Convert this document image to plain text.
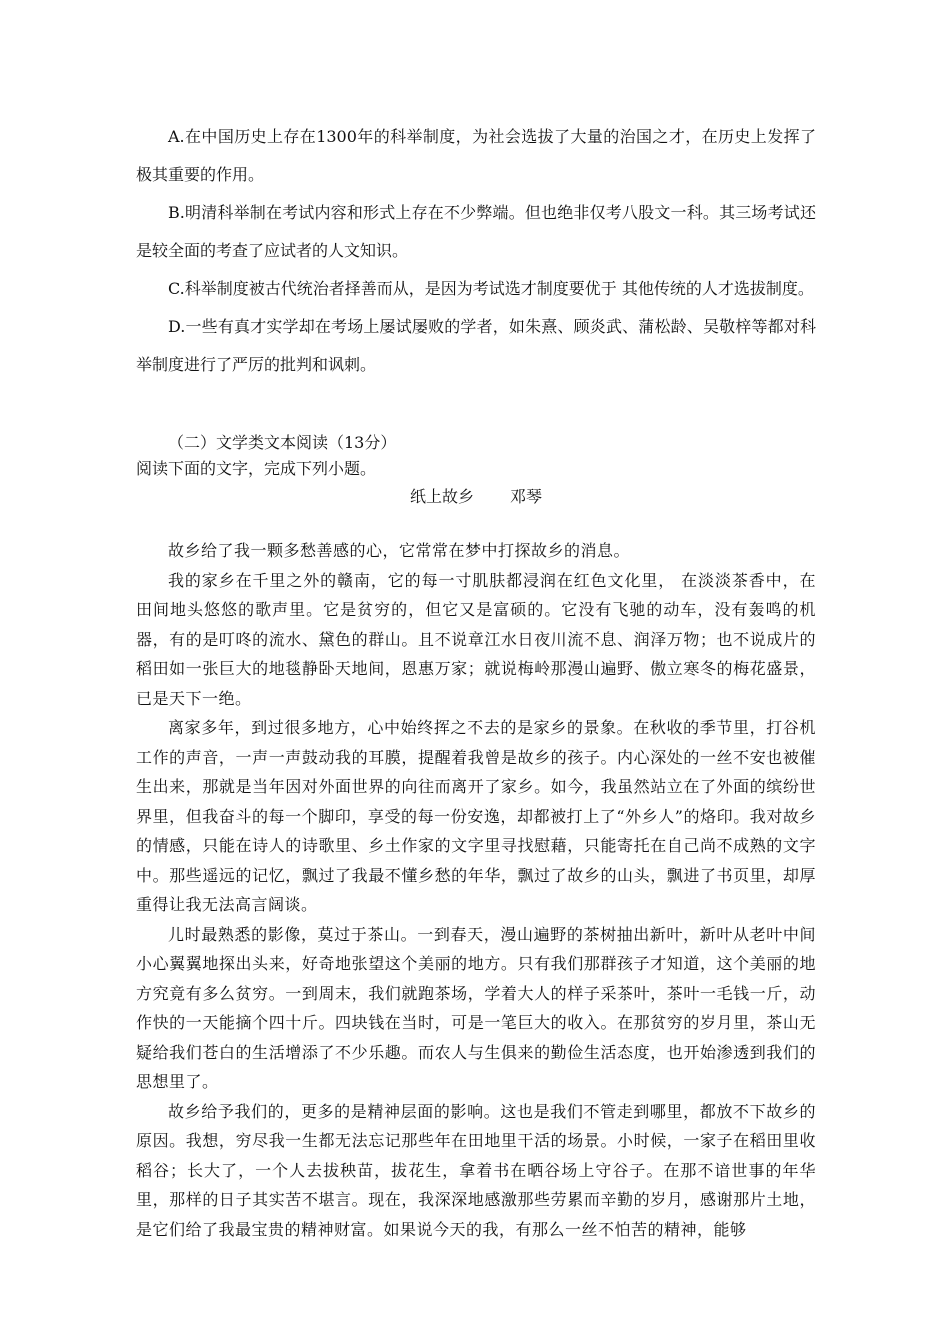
A.在中国历史上存在1300年的科举制度，为社会选拔了大量的治国之才，在历史上发挥了极其重要的作用。

B.明清科举制在考试内容和形式上存在不少弊端。但也绝非仅考八股文一科。其三场考试还是较全面的考查了应试者的人文知识。

C.科举制度被古代统治者择善而从，是因为考试选才制度要优于 其他传统的人才选拔制度。

D.一些有真才实学却在考场上屡试屡败的学者，如朱熹、顾炎武、蒲松龄、吴敬梓等都对科举制度进行了严厉的批判和讽刺。

（二）文学类文本阅读（13分）
阅读下面的文字，完成下列小题。
纸上故乡 邓琴

故乡给了我一颗多愁善感的心，它常常在梦中打探故乡的消息。

我的家乡在千里之外的赣南，它的每一寸肌肤都浸润在红色文化里， 在淡淡茶香中，在田间地头悠悠的歌声里。它是贫穷的，但它又是富硕的。它没有飞驰的动车，没有轰鸣的机器，有的是叮咚的流水、黛色的群山。且不说章江水日夜川流不息、润泽万物；也不说成片的稻田如一张巨大的地毯静卧天地间，恩惠万家；就说梅岭那漫山遍野、傲立寒冬的梅花盛景，已是天下一绝。

离家多年，到过很多地方，心中始终挥之不去的是家乡的景象。在秋收的季节里，打谷机工作的声音，一声一声鼓动我的耳膜，提醒着我曾是故乡的孩子。内心深处的一丝不安也被催生出来，那就是当年因对外面世界的向往而离开了家乡。如今，我虽然站立在了外面的缤纷世界里，但我奋斗的每一个脚印，享受的每一份安逸，却都被打上了“外乡人”的烙印。我对故乡的情感，只能在诗人的诗歌里、乡土作家的文字里寻找慰藉，只能寄托在自己尚不成熟的文字中。那些遥远的记忆，飘过了我最不懂乡愁的年华，飘过了故乡的山头，飘进了书页里，却厚重得让我无法高言阔谈。

儿时最熟悉的影像，莫过于茶山。一到春天，漫山遍野的茶树抽出新叶，新叶从老叶中间小心翼翼地探出头来，好奇地张望这个美丽的地方。只有我们那群孩子才知道，这个美丽的地方究竟有多么贫穷。一到周末，我们就跑茶场，学着大人的样子采茶叶，茶叶一毛钱一斤，动作快的一天能摘个四十斤。四块钱在当时，可是一笔巨大的收入。在那贫穷的岁月里，茶山无疑给我们苍白的生活增添了不少乐趣。而农人与生俱来的勤俭生活态度，也开始渗透到我们的思想里了。

故乡给予我们的，更多的是精神层面的影响。这也是我们不管走到哪里，都放不下故乡的原因。我想，穷尽我一生都无法忘记那些年在田地里干活的场景。小时候，一家子在稻田里收稻谷；长大了，一个人去拔秧苗，拔花生，拿着书在晒谷场上守谷子。在那不谙世事的年华里，那样的日子其实苦不堪言。现在，我深深地感激那些劳累而辛勤的岁月，感谢那片土地，是它们给了我最宝贵的精神财富。如果说今天的我，有那么一丝不怕苦的精神，能够
